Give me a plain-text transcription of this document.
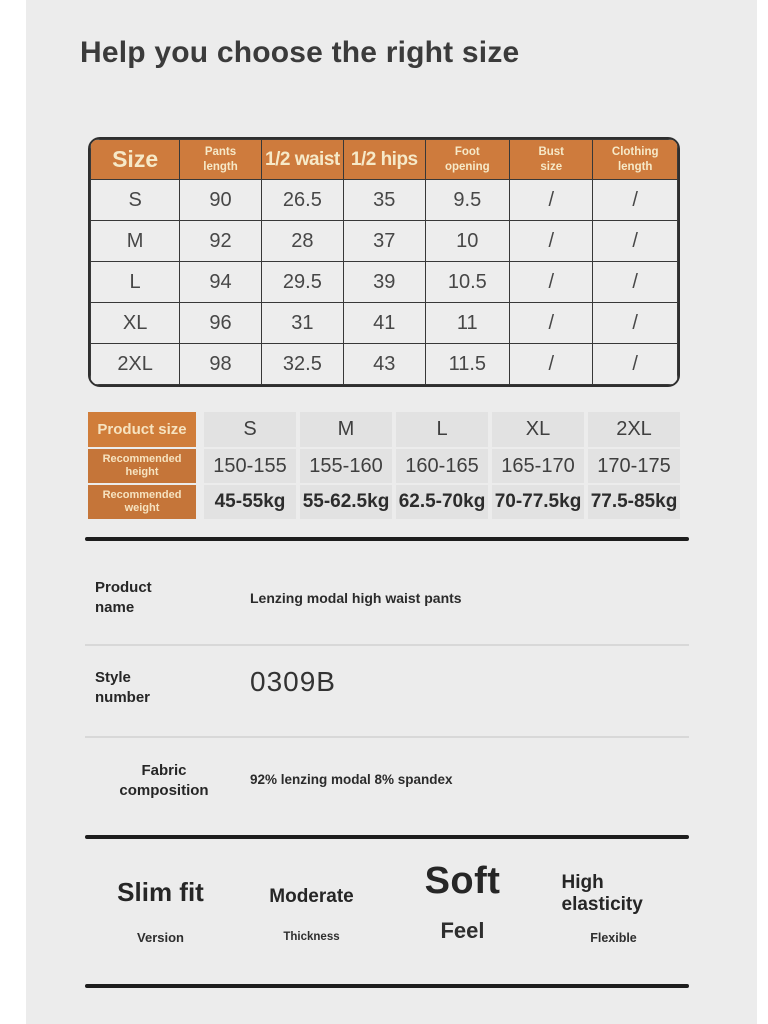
Help you choose the right size
Size	Pants length	1/2 waist	1/2 hips	Foot opening	Bust size	Clothing length
S	90	26.5	35	9.5	/	/
M	92	28	37	10	/	/
L	94	29.5	39	10.5	/	/
XL	96	31	41	11	/	/
2XL	98	32.5	43	11.5	/	/
Product size	S	M	L	XL	2XL
Recommended height	150-155	155-160	160-165	165-170	170-175
Recommended weight	45-55kg 55-62.5kg 62.5-70kg 70-77.5kg 77.5-85kg
Product name
Lenzing modal high waist pants
Style number
0309B
Fabric composition
92% lenzing modal 8% spandex
Slim fit
Version
Moderate
Thickness
Soft
Feel
High elasticity
Flexible
